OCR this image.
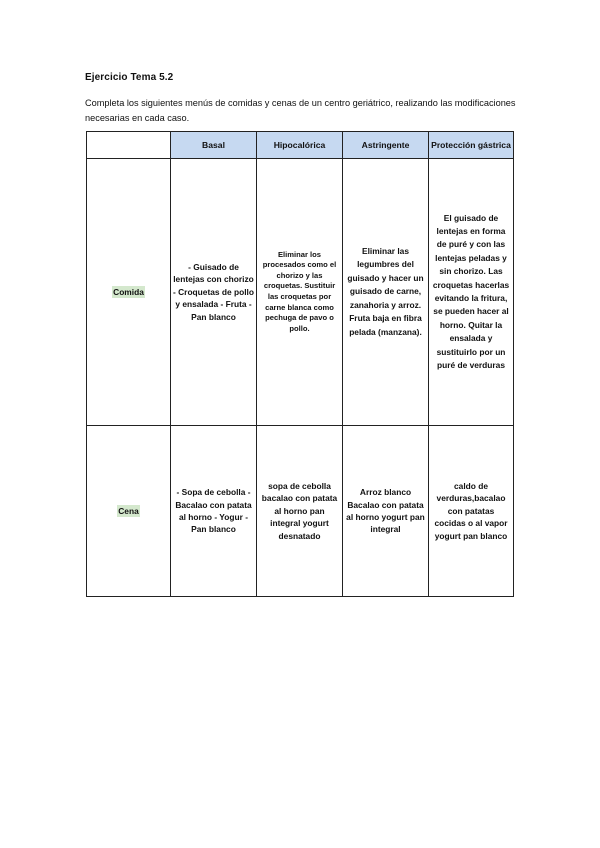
Ejercicio Tema 5.2
Completa los siguientes menús de comidas y cenas de un centro geriátrico, realizando las modificaciones necesarias en cada caso.
	Basal	Hipocalórica	Astringente	Protección gástrica
Comida	- Guisado de lentejas con chorizo - Croquetas de pollo y ensalada - Fruta - Pan blanco	Eliminar los procesados como el chorizo y las croquetas. Sustituir las croquetas por carne blanca como pechuga de pavo o pollo.	Eliminar las legumbres del guisado y hacer un guisado de carne, zanahoria y arroz. Fruta baja en fibra pelada (manzana).	El guisado de lentejas en forma de puré y con las lentejas peladas y sin chorizo. Las croquetas hacerlas evitando la fritura, se pueden hacer al horno. Quitar la ensalada y sustituirlo por un puré de verduras
Cena	- Sopa de cebolla - Bacalao con patata al horno - Yogur - Pan blanco	sopa de cebolla bacalao con patata al horno pan integral yogurt desnatado	Arroz blanco Bacalao con patata al horno yogurt pan integral	caldo de verduras,bacalao con patatas cocidas o al vapor yogurt pan blanco
